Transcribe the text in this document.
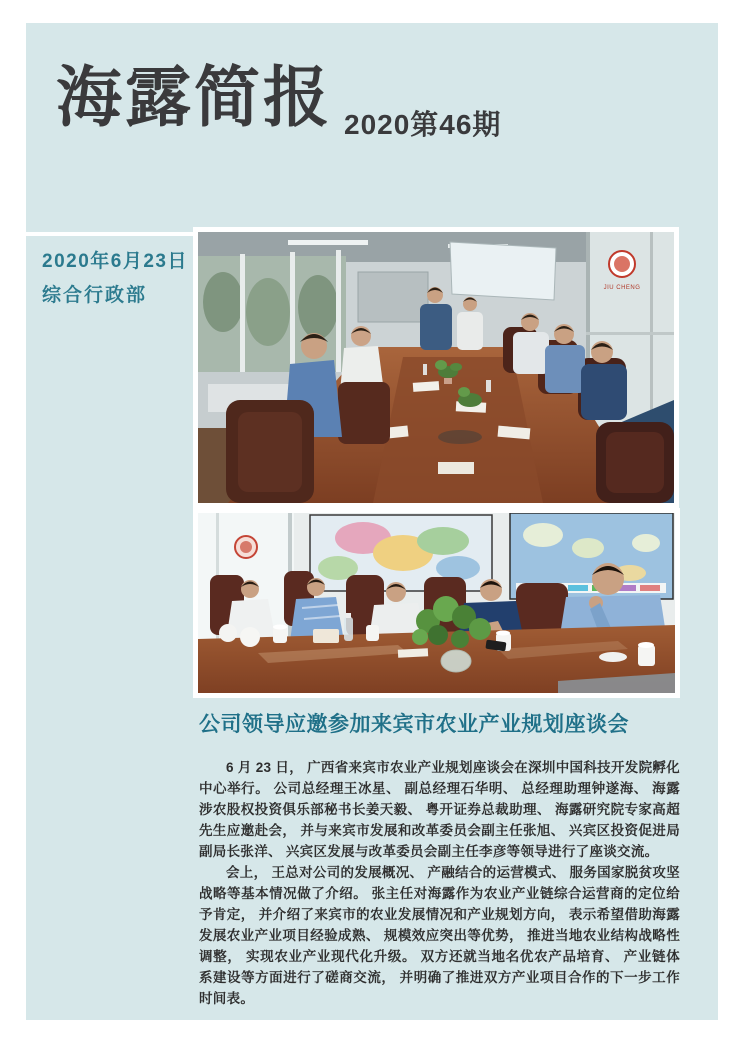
海露简报 2020第46期
2020年6月23日
综合行政部	JIU CHENG
公司领导应邀参加来宾市农业产业规划座谈会

6 月 23 日， 广西省来宾市农业产业规划座谈会在深圳中国科技开发院孵化中心举行。 公司总经理王冰星、 副总经理石华明、 总经理助理钟遂海、 海露涉农股权投资俱乐部秘书长姜天毅、 粤开证券总裁助理、 海露研究院专家高超先生应邀赴会， 并与来宾市发展和改革委员会副主任张旭、 兴宾区投资促进局副局长张洋、 兴宾区发展与改革委员会副主任李彦等领导进行了座谈交流。

会上， 王总对公司的发展概况、 产融结合的运营模式、 服务国家脱贫攻坚战略等基本情况做了介绍。 张主任对海露作为农业产业链综合运营商的定位给予肯定， 并介绍了来宾市的农业发展情况和产业规划方向， 表示希望借助海露发展农业产业项目经验成熟、 规模效应突出等优势， 推进当地农业结构战略性调整， 实现农业产业现代化升级。 双方还就当地名优农产品培育、 产业链体系建设等方面进行了磋商交流， 并明确了推进双方产业项目合作的下一步工作时间表。
